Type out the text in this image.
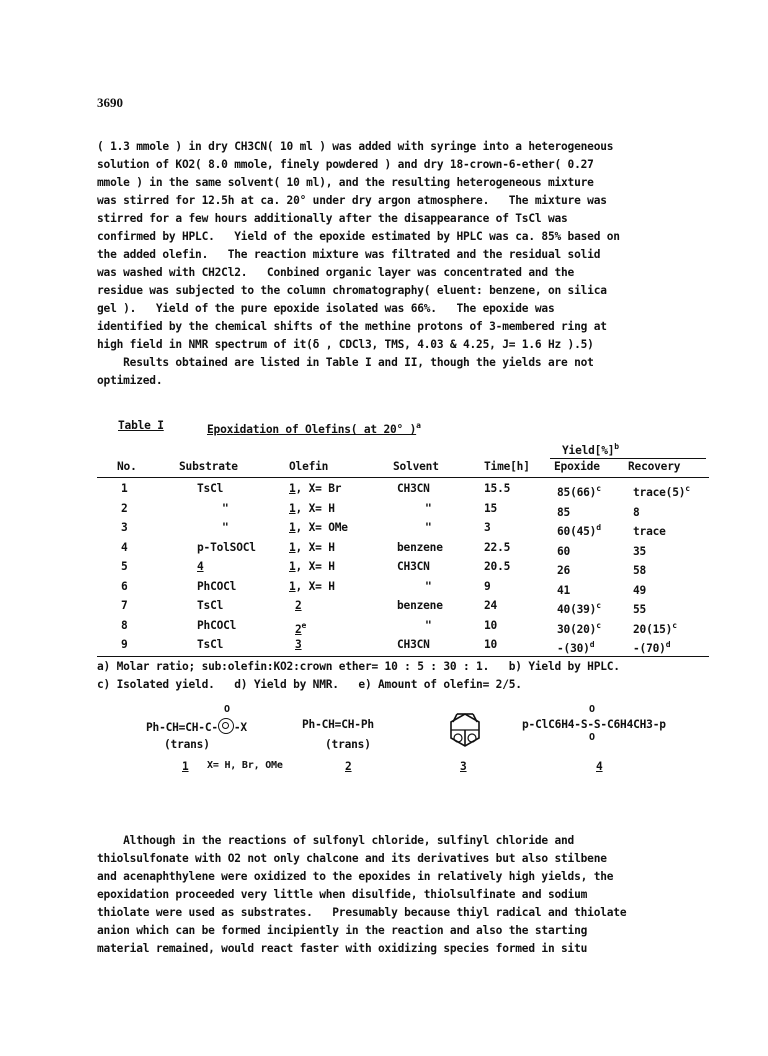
3690
( 1.3 mmole ) in dry CH3CN( 10 ml ) was added with syringe into a heterogeneous
solution of KO2( 8.0 mmole, finely powdered ) and dry 18-crown-6-ether( 0.27
mmole ) in the same solvent( 10 ml), and the resulting heterogeneous mixture
was stirred for 12.5h at ca. 20° under dry argon atmosphere.   The mixture was
stirred for a few hours additionally after the disappearance of TsCl was
confirmed by HPLC.   Yield of the epoxide estimated by HPLC was ca. 85% based on
the added olefin.   The reaction mixture was filtrated and the residual solid
was washed with CH2Cl2.   Conbined organic layer was concentrated and the
residue was subjected to the column chromatography( eluent: benzene, on silica
gel ).   Yield of the pure epoxide isolated was 66%.   The epoxide was
identified by the chemical shifts of the methine protons of 3-membered ring at
high field in NMR spectrum of it(δ , CDCl3, TMS, 4.03 & 4.25, J= 1.6 Hz ).5)
Results obtained are listed in Table I and II, though the yields are not
optimized.
Table I	Epoxidation of Olefins( at 20° )$^a$
Yield[%]$^b$
No.	Substrate	Olefin	Solvent	Time[h] Epoxide	Recovery
1	TsCl	1, X= Br	CH3CN	15.5	$85(66)^c$	$trace(5)^c$
2	"	1, X= H	"	15	85	8
3	"	1, X= OMe	"	3	$60(45)^d$	trace
4	p-TolSOCl	1, X= H	benzene	22.5	60	35
5	4	1, X= H	CH3CN	20.5	26	58
6	PhCOCl	1, X= H	"	9	41	49
7	TsCl	2	benzene	24	$40(39)^c$	55
8	PhCOCl	2e	"	10	$30(20)^c$	$20(15)^c$
9	TsCl	3	CH3CN	10	$-(30)^d$	$-(70)^d$
a) Molar ratio; sub:olefin:KO2:crown ether= 10 : 5 : 30 : 1.   b) Yield by HPLC.
c) Isolated yield.   d) Yield by NMR.   e) Amount of olefin= 2/5.
Ph-CH=CH-C- -X
O
(trans)
1 X= H, Br, OMe
Ph-CH=CH-Ph
(trans)
2	3
p-ClC6H4-S-S-C6H4CH3-p
O
O
4
Although in the reactions of sulfonyl chloride, sulfinyl chloride and
thiolsulfonate with O2 not only chalcone and its derivatives but also stilbene
and acenaphthylene were oxidized to the epoxides in relatively high yields, the
epoxidation proceeded very little when disulfide, thiolsulfinate and sodium
thiolate were used as substrates.   Presumably because thiyl radical and thiolate
anion which can be formed incipiently in the reaction and also the starting
material remained, would react faster with oxidizing species formed in situ
